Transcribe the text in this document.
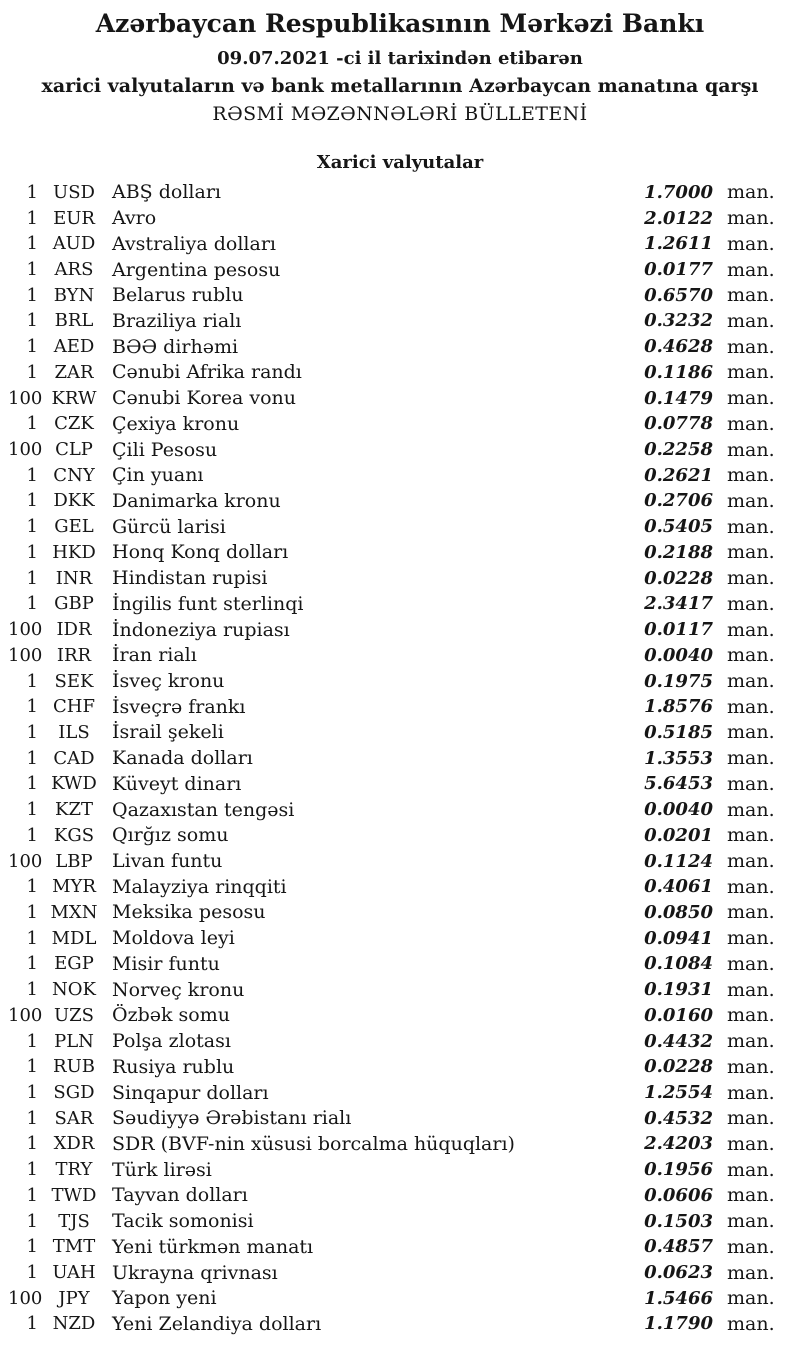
Azərbaycan Respublikasının Mərkəzi Bankı
09.07.2021 -ci il tarixindən etibarən
xarici valyutaların və bank metallarının Azərbaycan manatına qarşı
RƏSMİ MƏZƏNNƏLƏRİ BÜLLETENİ
Xarici valyutalar
1 USD ABŞ dolları	1.7000 man.
1 EUR Avro	2.0122 man.
1 AUD Avstraliya dolları	1.2611 man.
1 ARS Argentina pesosu	0.0177 man.
1 BYN Belarus rublu	0.6570 man.
1 BRL Braziliya rialı	0.3232 man.
1 AED BƏƏ dirhəmi	0.4628 man.
1 ZAR Cənubi Afrika randı	0.1186 man.
100 KRW Cənubi Korea vonu	0.1479 man.
1 CZK Çexiya kronu	0.0778 man.
100 CLP	Çili Pesosu	0.2258 man.
1 CNY Çin yuanı	0.2621 man.
1 DKK Danimarka kronu	0.2706 man.
1 GEL Gürcü larisi	0.5405 man.
1 HKD Honq Konq dolları	0.2188 man.
1 INR	Hindistan rupisi	0.0228 man.
1 GBP İngilis funt sterlinqi	2.3417 man.
100 IDR	İndoneziya rupiası	0.0117 man.
100 IRR	İran rialı	0.0040 man.
1 SEK İsveç kronu	0.1975 man.
1 CHF İsveçrə frankı	1.8576 man.
1	ILS	İsrail şekeli	0.5185 man.
1 CAD Kanada dolları	1.3553 man.
1 KWD Küveyt dinarı	5.6453 man.
1 KZT	Qazaxıstan tengəsi	0.0040 man.
1 KGS Qırğız somu	0.0201 man.
100 LBP	Livan funtu	0.1124 man.
1 MYR Malayziya rinqqiti	0.4061 man.
1 MXN Meksika pesosu	0.0850 man.
1 MDL Moldova leyi	0.0941 man.
1 EGP Misir funtu	0.1084 man.
1 NOK Norveç kronu	0.1931 man.
100 UZS Özbək somu	0.0160 man.
1 PLN Polşa zlotası	0.4432 man.
1 RUB Rusiya rublu	0.0228 man.
1 SGD Sinqapur dolları	1.2554 man.
1 SAR Səudiyyə Ərəbistanı rialı	0.4532 man.
1 XDR SDR (BVF-nin xüsusi borcalma hüquqları)	2.4203 man.
1 TRY	Türk lirəsi	0.1956 man.
1 TWD Tayvan dolları	0.0606 man.
1	TJS	Tacik somonisi	0.1503 man.
1 TMT Yeni türkmən manatı	0.4857 man.
1 UAH Ukrayna qrivnası	0.0623 man.
100 JPY	Yapon yeni	1.5466 man.
1 NZD Yeni Zelandiya dolları	1.1790 man.
